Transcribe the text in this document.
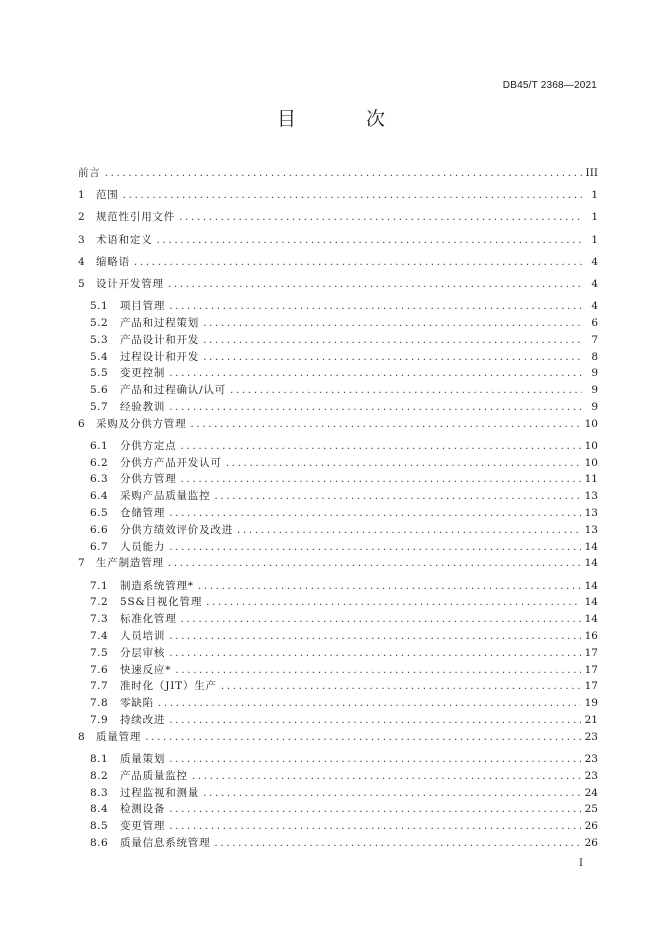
DB45/T 2368—2021
目 次
前言 .....	III
1	范围 .....	1
2	规范性引用文件 .....	1
3	术语和定义 .....	1
4	缩略语 .....	4
5	设计开发管理 .....	4
5.1	项目管理 .....	4
5.2	产品和过程策划 .....	6
5.3	产品设计和开发 .....	7
5.4	过程设计和开发 .....	8
5.5	变更控制 .....	9
5.6	产品和过程确认/认可 .....	9
5.7	经验教训 .....	9
6	采购及分供方管理 .....	10
6.1	分供方定点 .....	10
6.2	分供方产品开发认可 .....	10
6.3	分供方管理 .....	11
6.4	采购产品质量监控 .....	13
6.5	仓储管理 .....	13
6.6	分供方绩效评价及改进 .....	13
6.7	人员能力 .....	14
7	生产制造管理 .....	14
7.1	制造系统管理* .....	14
7.2	5S&目视化管理 .....	14
7.3	标准化管理 .....	14
7.4	人员培训 .....	16
7.5	分层审核 .....	17
7.6	快速反应* .....	17
7.7	准时化（JIT）生产 .....	17
7.8	零缺陷 .....	19
7.9	持续改进 .....	21
8	质量管理 .....	23
8.1	质量策划 .....	23
8.2	产品质量监控 .....	23
8.3	过程监视和测量 .....	24
8.4	检测设备 .....	25
8.5	变更管理 .....	26
8.6	质量信息系统管理 .....	26
I
